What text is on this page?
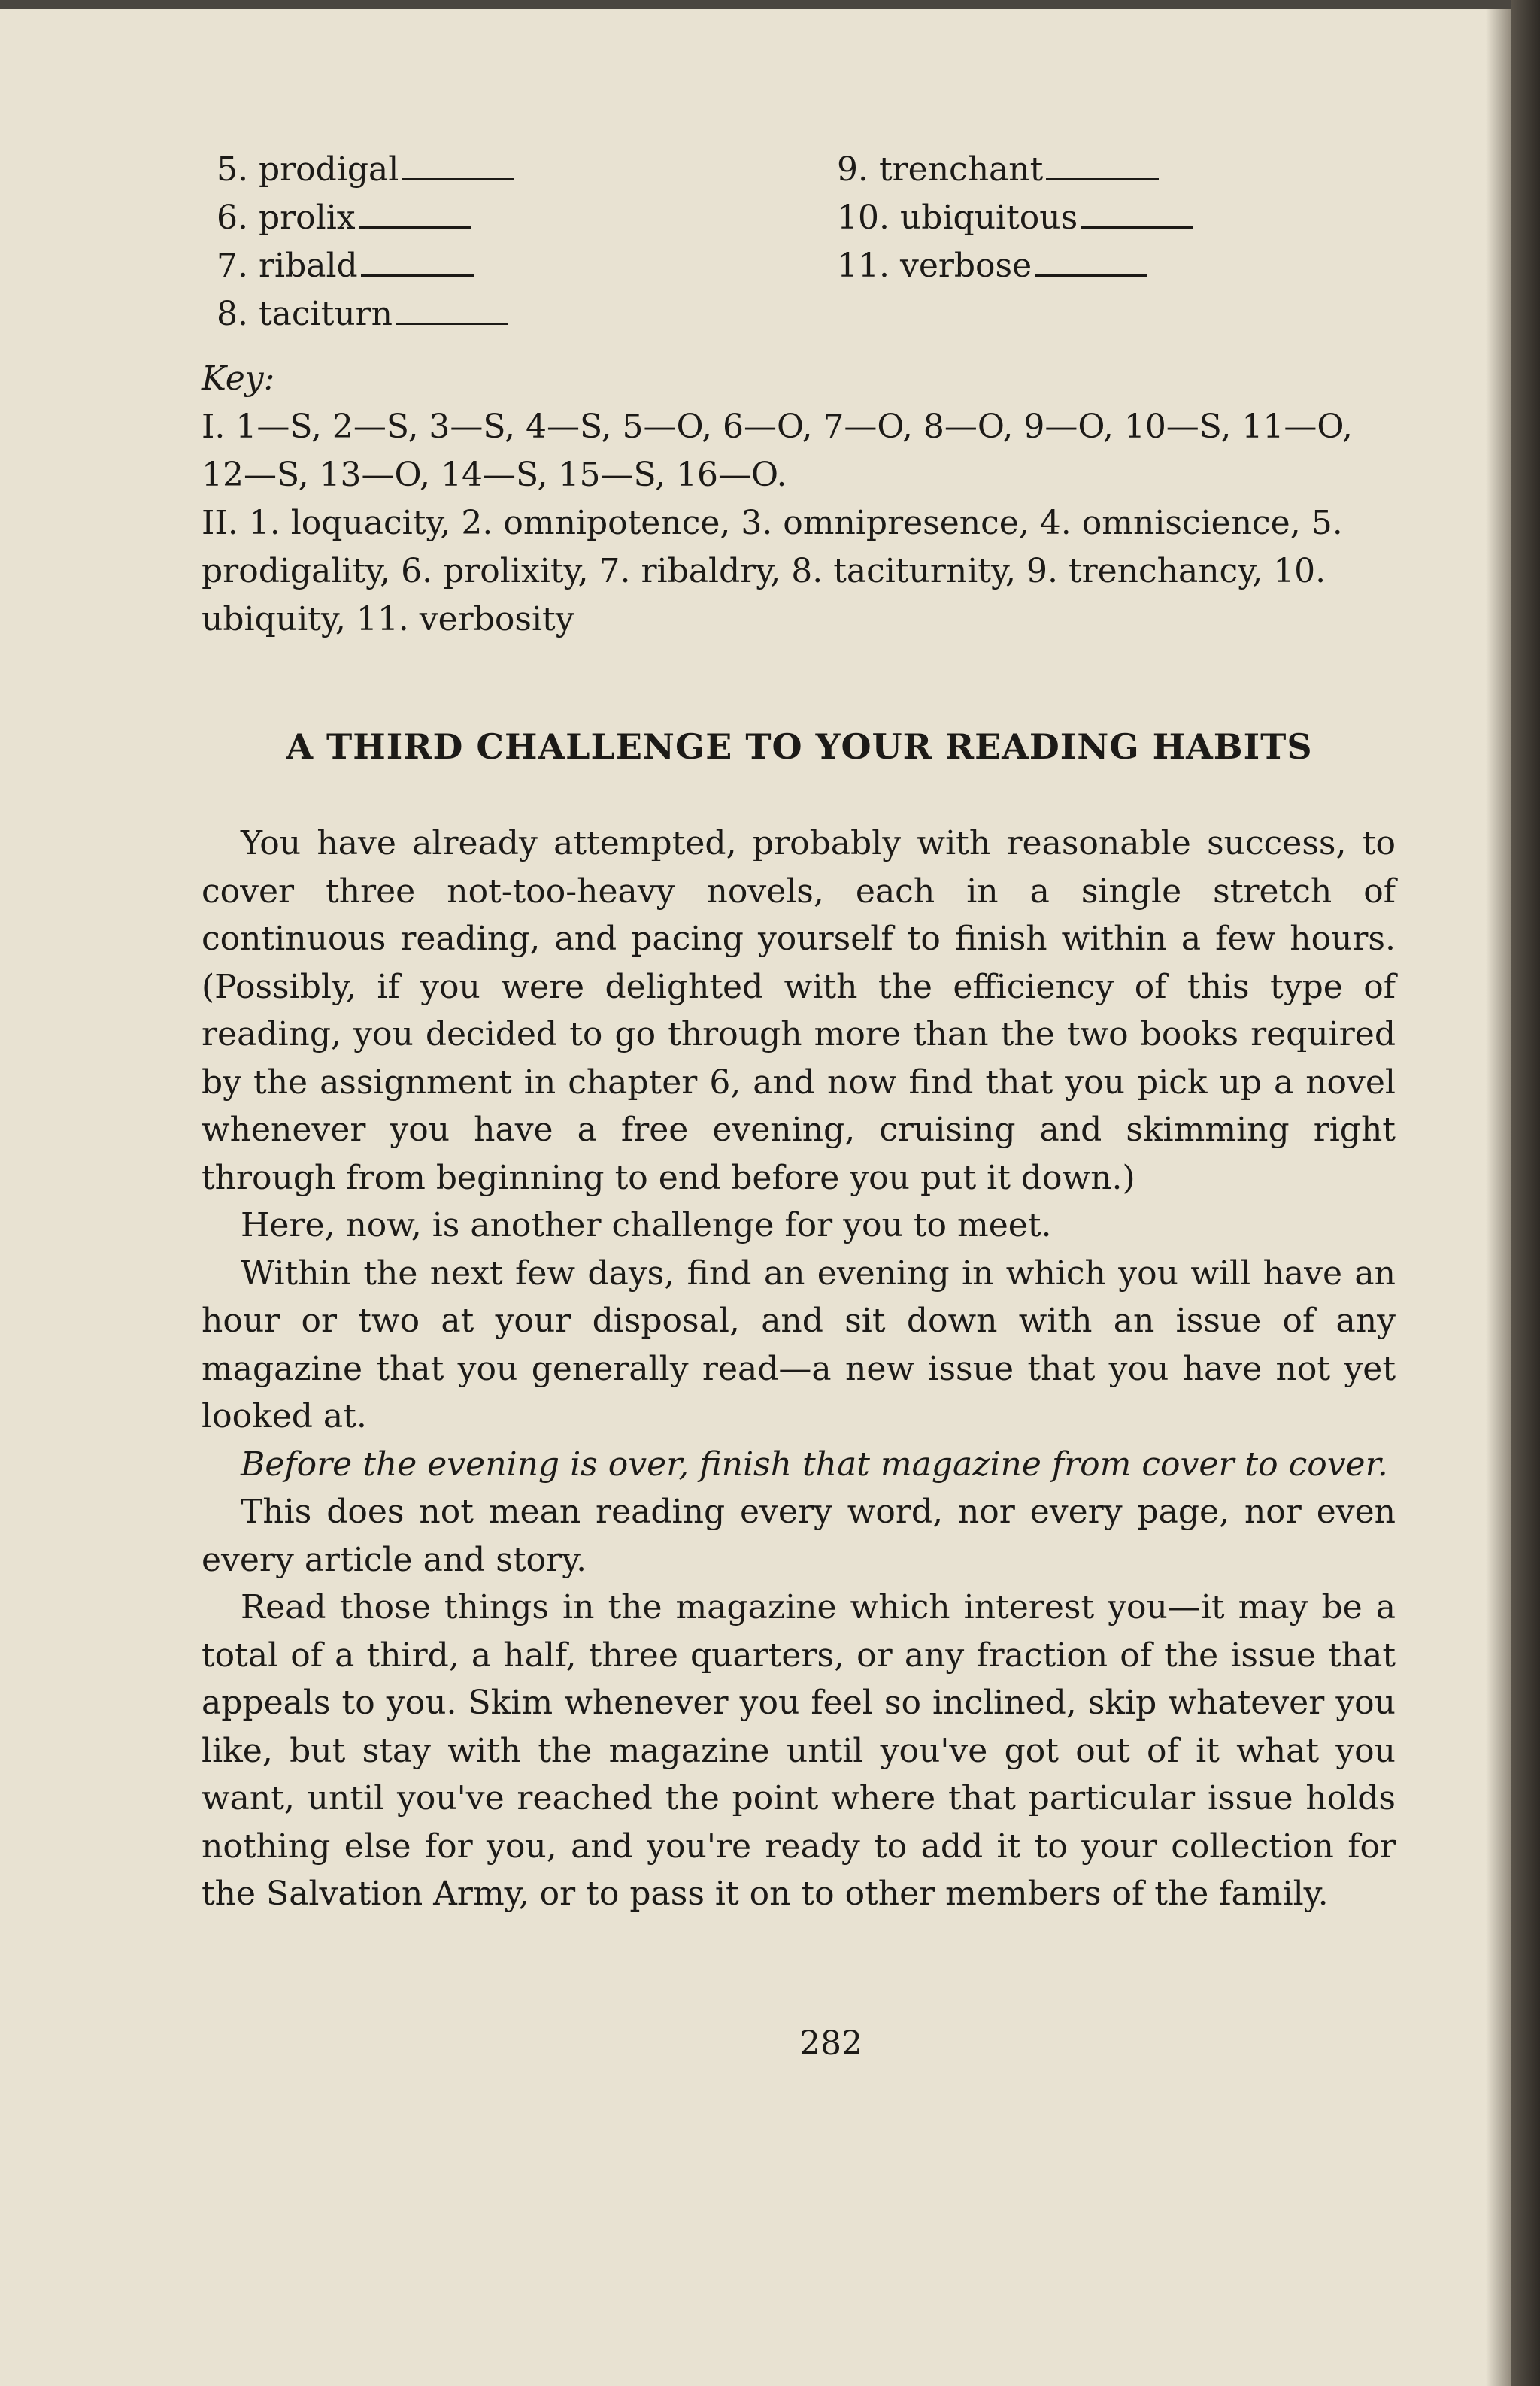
5. prodigal
6. prolix
7. ribald
8. taciturn
9. trenchant
10. ubiquitous
11. verbose
Key:

I. 1—S, 2—S, 3—S, 4—S, 5—O, 6—O, 7—O, 8—O, 9—O, 10—S, 11—O, 12—S, 13—O, 14—S, 15—S, 16—O.

II. 1. loquacity, 2. omnipotence, 3. omnipresence, 4. omniscience, 5. prodigality, 6. prolixity, 7. ribaldry, 8. taciturnity, 9. trenchancy, 10. ubiquity, 11. verbosity

A THIRD CHALLENGE TO YOUR READING HABITS

You have already attempted, probably with reasonable success, to cover three not-too-heavy novels, each in a single stretch of continuous reading, and pacing yourself to finish within a few hours. (Possibly, if you were delighted with the efficiency of this type of reading, you decided to go through more than the two books required by the assignment in chapter 6, and now find that you pick up a novel whenever you have a free evening, cruising and skimming right through from beginning to end before you put it down.)

Here, now, is another challenge for you to meet.

Within the next few days, find an evening in which you will have an hour or two at your disposal, and sit down with an issue of any magazine that you generally read—a new issue that you have not yet looked at.

Before the evening is over, finish that magazine from cover to cover.

This does not mean reading every word, nor every page, nor even every article and story.

Read those things in the magazine which interest you—it may be a total of a third, a half, three quarters, or any fraction of the issue that appeals to you. Skim whenever you feel so inclined, skip whatever you like, but stay with the magazine until you've got out of it what you want, until you've reached the point where that particular issue holds nothing else for you, and you're ready to add it to your collection for the Salvation Army, or to pass it on to other members of the family.

282
